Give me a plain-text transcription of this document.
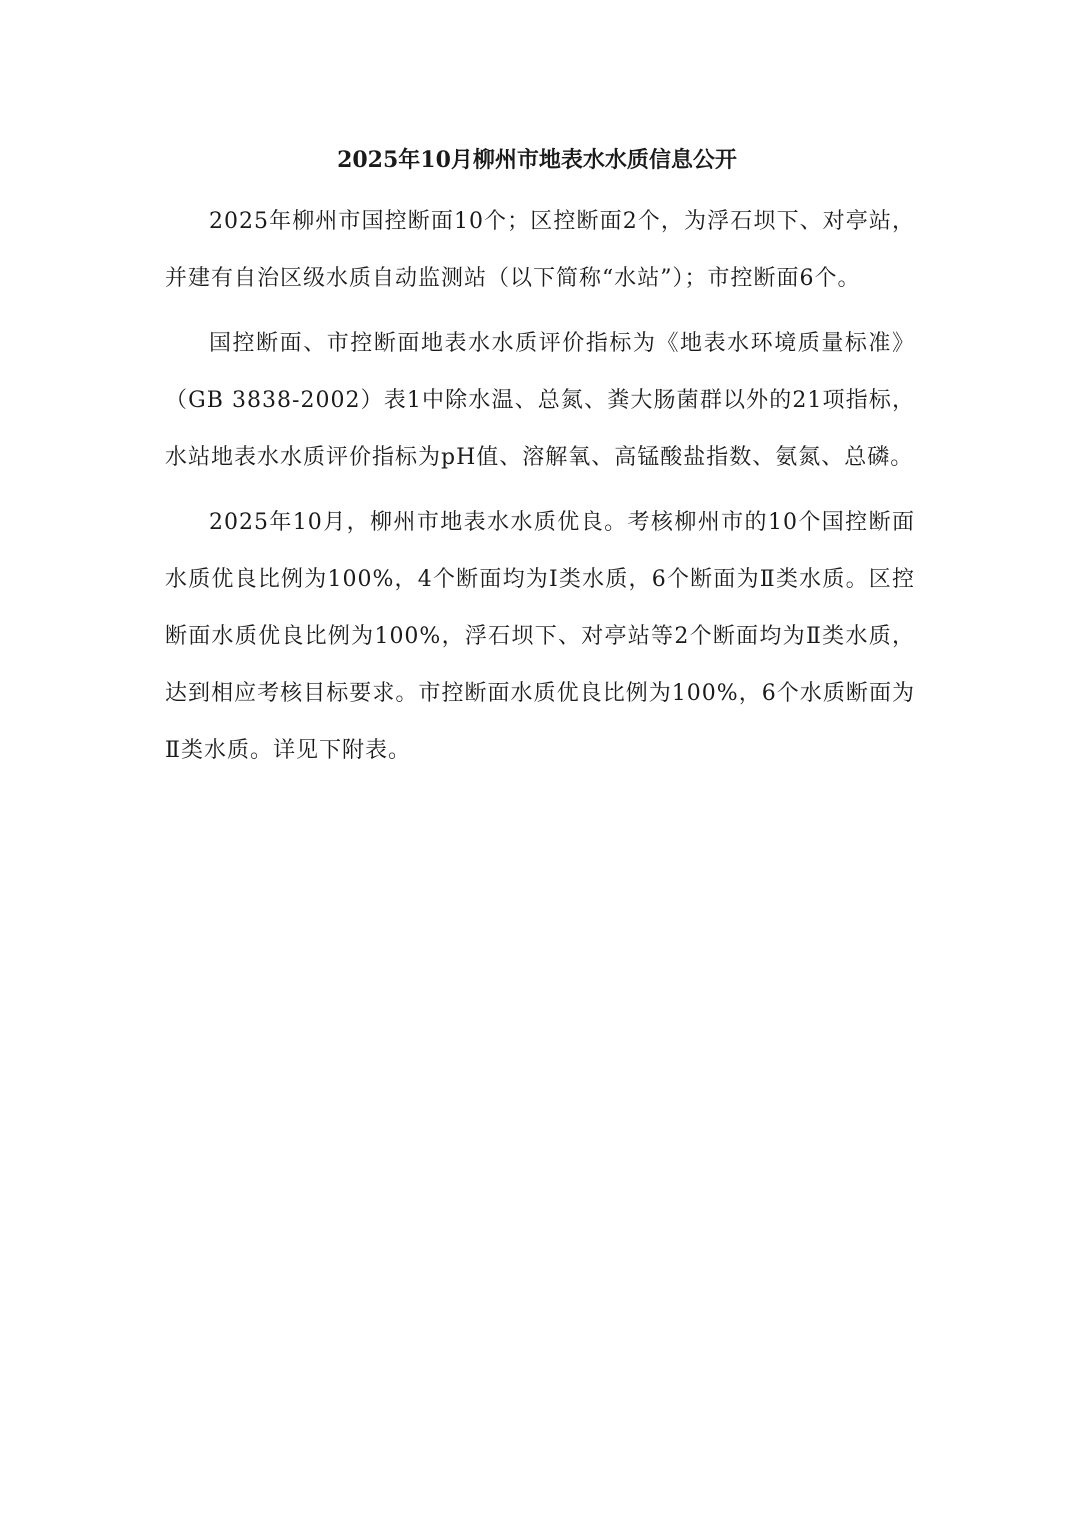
2025年10月柳州市地表水水质信息公开

2025年柳州市国控断面10个；区控断面2个，为浮石坝下、对亭站，并建有自治区级水质自动监测站（以下简称“水站”）；市控断面6个。

国控断面、市控断面地表水水质评价指标为《地表水环境质量标准》（GB 3838-2002）表1中除水温、总氮、粪大肠菌群以外的21项指标，水站地表水水质评价指标为pH值、溶解氧、高锰酸盐指数、氨氮、总磷。

2025年10月，柳州市地表水水质优良。考核柳州市的10个国控断面水质优良比例为100%，4个断面均为Ⅰ类水质，6个断面为Ⅱ类水质。区控断面水质优良比例为100%，浮石坝下、对亭站等2个断面均为Ⅱ类水质，达到相应考核目标要求。市控断面水质优良比例为100%，6个水质断面为Ⅱ类水质。详见下附表。
